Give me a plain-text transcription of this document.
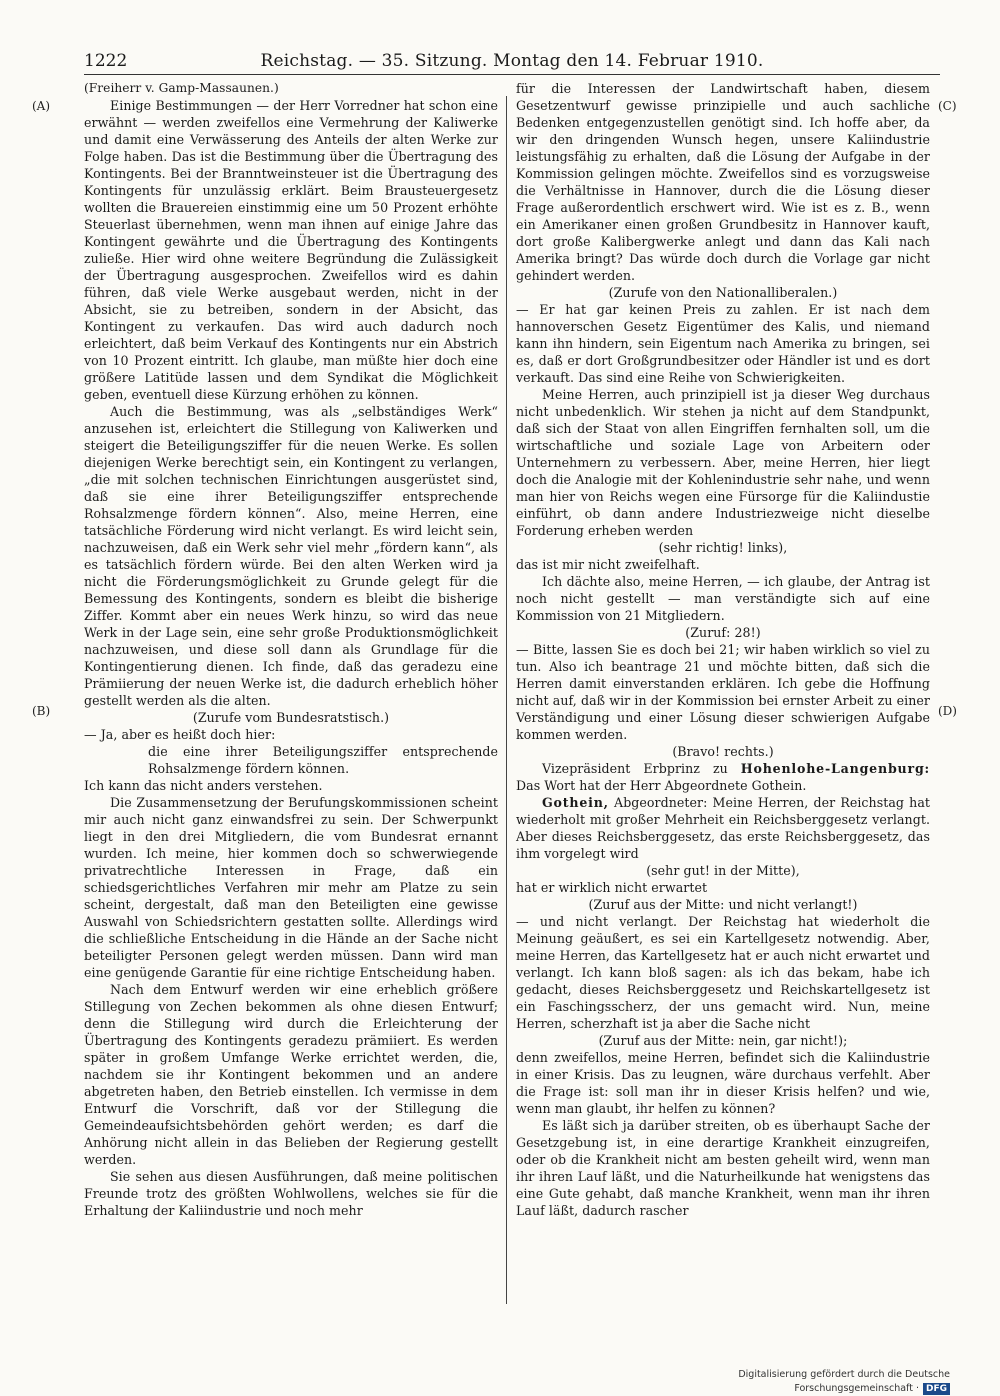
1222	Reichstag. — 35. Sitzung. Montag den 14. Februar 1910.
(A)
(B)
(C)
(D)

(Freiherr v. Gamp-Massaunen.)

Einige Bestimmungen — der Herr Vorredner hat schon eine erwähnt — werden zweifellos eine Vermehrung der Kaliwerke und damit eine Verwässerung des Anteils der alten Werke zur Folge haben. Das ist die Bestimmung über die Übertragung des Kontingents. Bei der Branntweinsteuer ist die Übertragung des Kontingents für unzulässig erklärt. Beim Brausteuergesetz wollten die Brauereien einstimmig eine um 50 Prozent erhöhte Steuerlast übernehmen, wenn man ihnen auf einige Jahre das Kontingent gewährte und die Übertragung des Kontingents zuließe. Hier wird ohne weitere Begründung die Zulässigkeit der Übertragung ausgesprochen. Zweifellos wird es dahin führen, daß viele Werke ausgebaut werden, nicht in der Absicht, sie zu betreiben, sondern in der Absicht, das Kontingent zu verkaufen. Das wird auch dadurch noch erleichtert, daß beim Verkauf des Kontingents nur ein Abstrich von 10 Prozent eintritt. Ich glaube, man müßte hier doch eine größere Latitüde lassen und dem Syndikat die Möglichkeit geben, eventuell diese Kürzung erhöhen zu können.

Auch die Bestimmung, was als „selbständiges Werk“ anzusehen ist, erleichtert die Stillegung von Kaliwerken und steigert die Beteiligungsziffer für die neuen Werke. Es sollen diejenigen Werke berechtigt sein, ein Kontingent zu verlangen, „die mit solchen technischen Einrichtungen ausgerüstet sind, daß sie eine ihrer Beteiligungsziffer entsprechende Rohsalzmenge fördern können“. Also, meine Herren, eine tatsächliche Förderung wird nicht verlangt. Es wird leicht sein, nachzuweisen, daß ein Werk sehr viel mehr „fördern kann“, als es tatsächlich fördern würde. Bei den alten Werken wird ja nicht die Förderungsmöglichkeit zu Grunde gelegt für die Bemessung des Kontingents, sondern es bleibt die bisherige Ziffer. Kommt aber ein neues Werk hinzu, so wird das neue Werk in der Lage sein, eine sehr große Produktionsmöglichkeit nachzuweisen, und diese soll dann als Grundlage für die Kontingentierung dienen. Ich finde, daß das geradezu eine Prämiierung der neuen Werke ist, die dadurch erheblich höher gestellt werden als die alten.

(Zurufe vom Bundesratstisch.)

— Ja, aber es heißt doch hier:

die eine ihrer Beteiligungsziffer entsprechende Rohsalzmenge fördern können.

Ich kann das nicht anders verstehen.

Die Zusammensetzung der Berufungskommissionen scheint mir auch nicht ganz einwandsfrei zu sein. Der Schwerpunkt liegt in den drei Mitgliedern, die vom Bundesrat ernannt wurden. Ich meine, hier kommen doch so schwerwiegende privatrechtliche Interessen in Frage, daß ein schiedsgerichtliches Verfahren mir mehr am Platze zu sein scheint, dergestalt, daß man den Beteiligten eine gewisse Auswahl von Schiedsrichtern gestatten sollte. Allerdings wird die schließliche Entscheidung in die Hände an der Sache nicht beteiligter Personen gelegt werden müssen. Dann wird man eine genügende Garantie für eine richtige Entscheidung haben.

Nach dem Entwurf werden wir eine erheblich größere Stillegung von Zechen bekommen als ohne diesen Entwurf; denn die Stillegung wird durch die Erleichterung der Übertragung des Kontingents geradezu prämiiert. Es werden später in großem Umfange Werke errichtet werden, die, nachdem sie ihr Kontingent bekommen und an andere abgetreten haben, den Betrieb einstellen. Ich vermisse in dem Entwurf die Vorschrift, daß vor der Stillegung die Gemeindeaufsichtsbehörden gehört werden; es darf die Anhörung nicht allein in das Belieben der Regierung gestellt werden.

Sie sehen aus diesen Ausführungen, daß meine politischen Freunde trotz des größten Wohlwollens, welches sie für die Erhaltung der Kaliindustrie und noch mehr

für die Interessen der Landwirtschaft haben, diesem Gesetzentwurf gewisse prinzipielle und auch sachliche Bedenken entgegenzustellen genötigt sind. Ich hoffe aber, da wir den dringenden Wunsch hegen, unsere Kaliindustrie leistungsfähig zu erhalten, daß die Lösung der Aufgabe in der Kommission gelingen möchte. Zweifellos sind es vorzugsweise die Verhältnisse in Hannover, durch die die Lösung dieser Frage außerordentlich erschwert wird. Wie ist es z. B., wenn ein Amerikaner einen großen Grundbesitz in Hannover kauft, dort große Kalibergwerke anlegt und dann das Kali nach Amerika bringt? Das würde doch durch die Vorlage gar nicht gehindert werden.

(Zurufe von den Nationalliberalen.)

— Er hat gar keinen Preis zu zahlen. Er ist nach dem hannoverschen Gesetz Eigentümer des Kalis, und niemand kann ihn hindern, sein Eigentum nach Amerika zu bringen, sei es, daß er dort Großgrundbesitzer oder Händler ist und es dort verkauft. Das sind eine Reihe von Schwierigkeiten.

Meine Herren, auch prinzipiell ist ja dieser Weg durchaus nicht unbedenklich. Wir stehen ja nicht auf dem Standpunkt, daß sich der Staat von allen Eingriffen fernhalten soll, um die wirtschaftliche und soziale Lage von Arbeitern oder Unternehmern zu verbessern. Aber, meine Herren, hier liegt doch die Analogie mit der Kohlenindustrie sehr nahe, und wenn man hier von Reichs wegen eine Fürsorge für die Kaliindustie einführt, ob dann andere Industriezweige nicht dieselbe Forderung erheben werden

(sehr richtig! links),

das ist mir nicht zweifelhaft.

Ich dächte also, meine Herren, — ich glaube, der Antrag ist noch nicht gestellt — man verständigte sich auf eine Kommission von 21 Mitgliedern.

(Zuruf: 28!)

— Bitte, lassen Sie es doch bei 21; wir haben wirklich so viel zu tun. Also ich beantrage 21 und möchte bitten, daß sich die Herren damit einverstanden erklären. Ich gebe die Hoffnung nicht auf, daß wir in der Kommission bei ernster Arbeit zu einer Verständigung und einer Lösung dieser schwierigen Aufgabe kommen werden.

(Bravo! rechts.)

Vizepräsident Erbprinz zu Hohenlohe-Langenburg: Das Wort hat der Herr Abgeordnete Gothein.

Gothein, Abgeordneter: Meine Herren, der Reichstag hat wiederholt mit großer Mehrheit ein Reichsberggesetz verlangt. Aber dieses Reichsberggesetz, das erste Reichsberggesetz, das ihm vorgelegt wird

(sehr gut! in der Mitte),

hat er wirklich nicht erwartet

(Zuruf aus der Mitte: und nicht verlangt!)

— und nicht verlangt. Der Reichstag hat wiederholt die Meinung geäußert, es sei ein Kartellgesetz notwendig. Aber, meine Herren, das Kartellgesetz hat er auch nicht erwartet und verlangt. Ich kann bloß sagen: als ich das bekam, habe ich gedacht, dieses Reichsberggesetz und Reichskartellgesetz ist ein Faschingsscherz, der uns gemacht wird. Nun, meine Herren, scherzhaft ist ja aber die Sache nicht

(Zuruf aus der Mitte: nein, gar nicht!);

denn zweifellos, meine Herren, befindet sich die Kaliindustrie in einer Krisis. Das zu leugnen, wäre durchaus verfehlt. Aber die Frage ist: soll man ihr in dieser Krisis helfen? und wie, wenn man glaubt, ihr helfen zu können?

Es läßt sich ja darüber streiten, ob es überhaupt Sache der Gesetzgebung ist, in eine derartige Krankheit einzugreifen, oder ob die Krankheit nicht am besten geheilt wird, wenn man ihr ihren Lauf läßt, und die Naturheilkunde hat wenigstens das eine Gute gehabt, daß manche Krankheit, wenn man ihr ihren Lauf läßt, dadurch rascher

Digitalisierung gefördert durch die Deutsche Forschungsgemeinschaft · DFG
